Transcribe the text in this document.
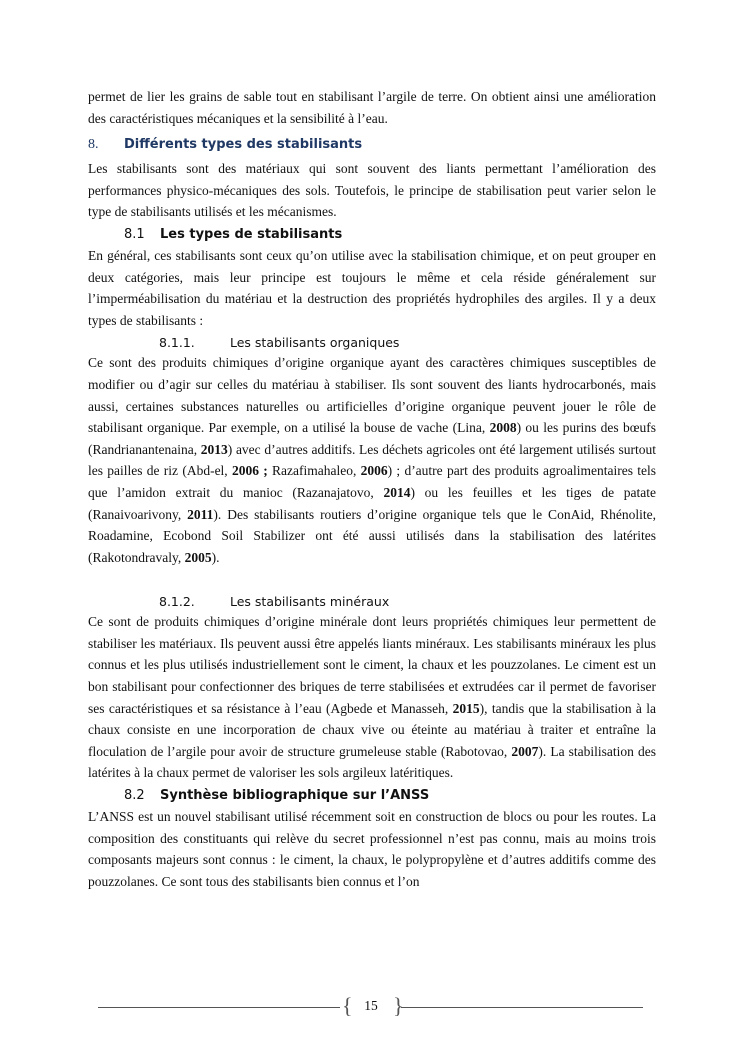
permet de lier les grains de sable tout en stabilisant l’argile de terre. On obtient ainsi une amélioration des caractéristiques mécaniques et la sensibilité à l’eau.

8. Différents types des stabilisants

Les stabilisants sont des matériaux qui sont souvent des liants permettant l’amélioration des performances physico-mécaniques des sols. Toutefois, le principe de stabilisation peut varier selon le type de stabilisants utilisés et les mécanismes.

8.1 Les types de stabilisants

En général, ces stabilisants sont ceux qu’on utilise avec la stabilisation chimique, et on peut grouper en deux catégories, mais leur principe est toujours le même et cela réside généralement sur l’imperméabilisation du matériau et la destruction des propriétés hydrophiles des argiles. Il y a deux types de stabilisants :

8.1.1.	Les stabilisants organiques

Ce sont des produits chimiques d’origine organique ayant des caractères chimiques susceptibles de modifier ou d’agir sur celles du matériau à stabiliser. Ils sont souvent des liants hydrocarbonés, mais aussi, certaines substances naturelles ou artificielles d’origine organique peuvent jouer le rôle de stabilisant organique. Par exemple, on a utilisé la bouse de vache (Lina, 2008) ou les purins des bœufs (Randrianantenaina, 2013) avec d’autres additifs. Les déchets agricoles ont été largement utilisés surtout les pailles de riz (Abd-el, 2006 ; Razafimahaleo, 2006) ; d’autre part des produits agroalimentaires tels que l’amidon extrait du manioc (Razanajatovo, 2014) ou les feuilles et les tiges de patate (Ranaivoarivony, 2011). Des stabilisants routiers d’origine organique tels que le ConAid, Rhénolite, Roadamine, Ecobond Soil Stabilizer ont été aussi utilisés dans la stabilisation des latérites (Rakotondravaly, 2005).

8.1.2.	Les stabilisants minéraux

Ce sont de produits chimiques d’origine minérale dont leurs propriétés chimiques leur permettent de stabiliser les matériaux. Ils peuvent aussi être appelés liants minéraux. Les stabilisants minéraux les plus connus et les plus utilisés industriellement sont le ciment, la chaux et les pouzzolanes. Le ciment est un bon stabilisant pour confectionner des briques de terre stabilisées et extrudées car il permet de favoriser ses caractéristiques et sa résistance à l’eau (Agbede et Manasseh, 2015), tandis que la stabilisation à la chaux consiste en une incorporation de chaux vive ou éteinte au matériau à traiter et entraîne la floculation de l’argile pour avoir de structure grumeleuse stable (Rabotovao, 2007). La stabilisation des latérites à la chaux permet de valoriser les sols argileux latéritiques.

8.2 Synthèse bibliographique sur l’ANSS

L’ANSS est un nouvel stabilisant utilisé récemment soit en construction de blocs ou pour les routes. La composition des constituants qui relève du secret professionnel n’est pas connu, mais au moins trois composants majeurs sont connus : le ciment, la chaux, le polypropylène et d’autres additifs comme des pouzzolanes. Ce sont tous des stabilisants bien connus et l’on

{ 15 }
